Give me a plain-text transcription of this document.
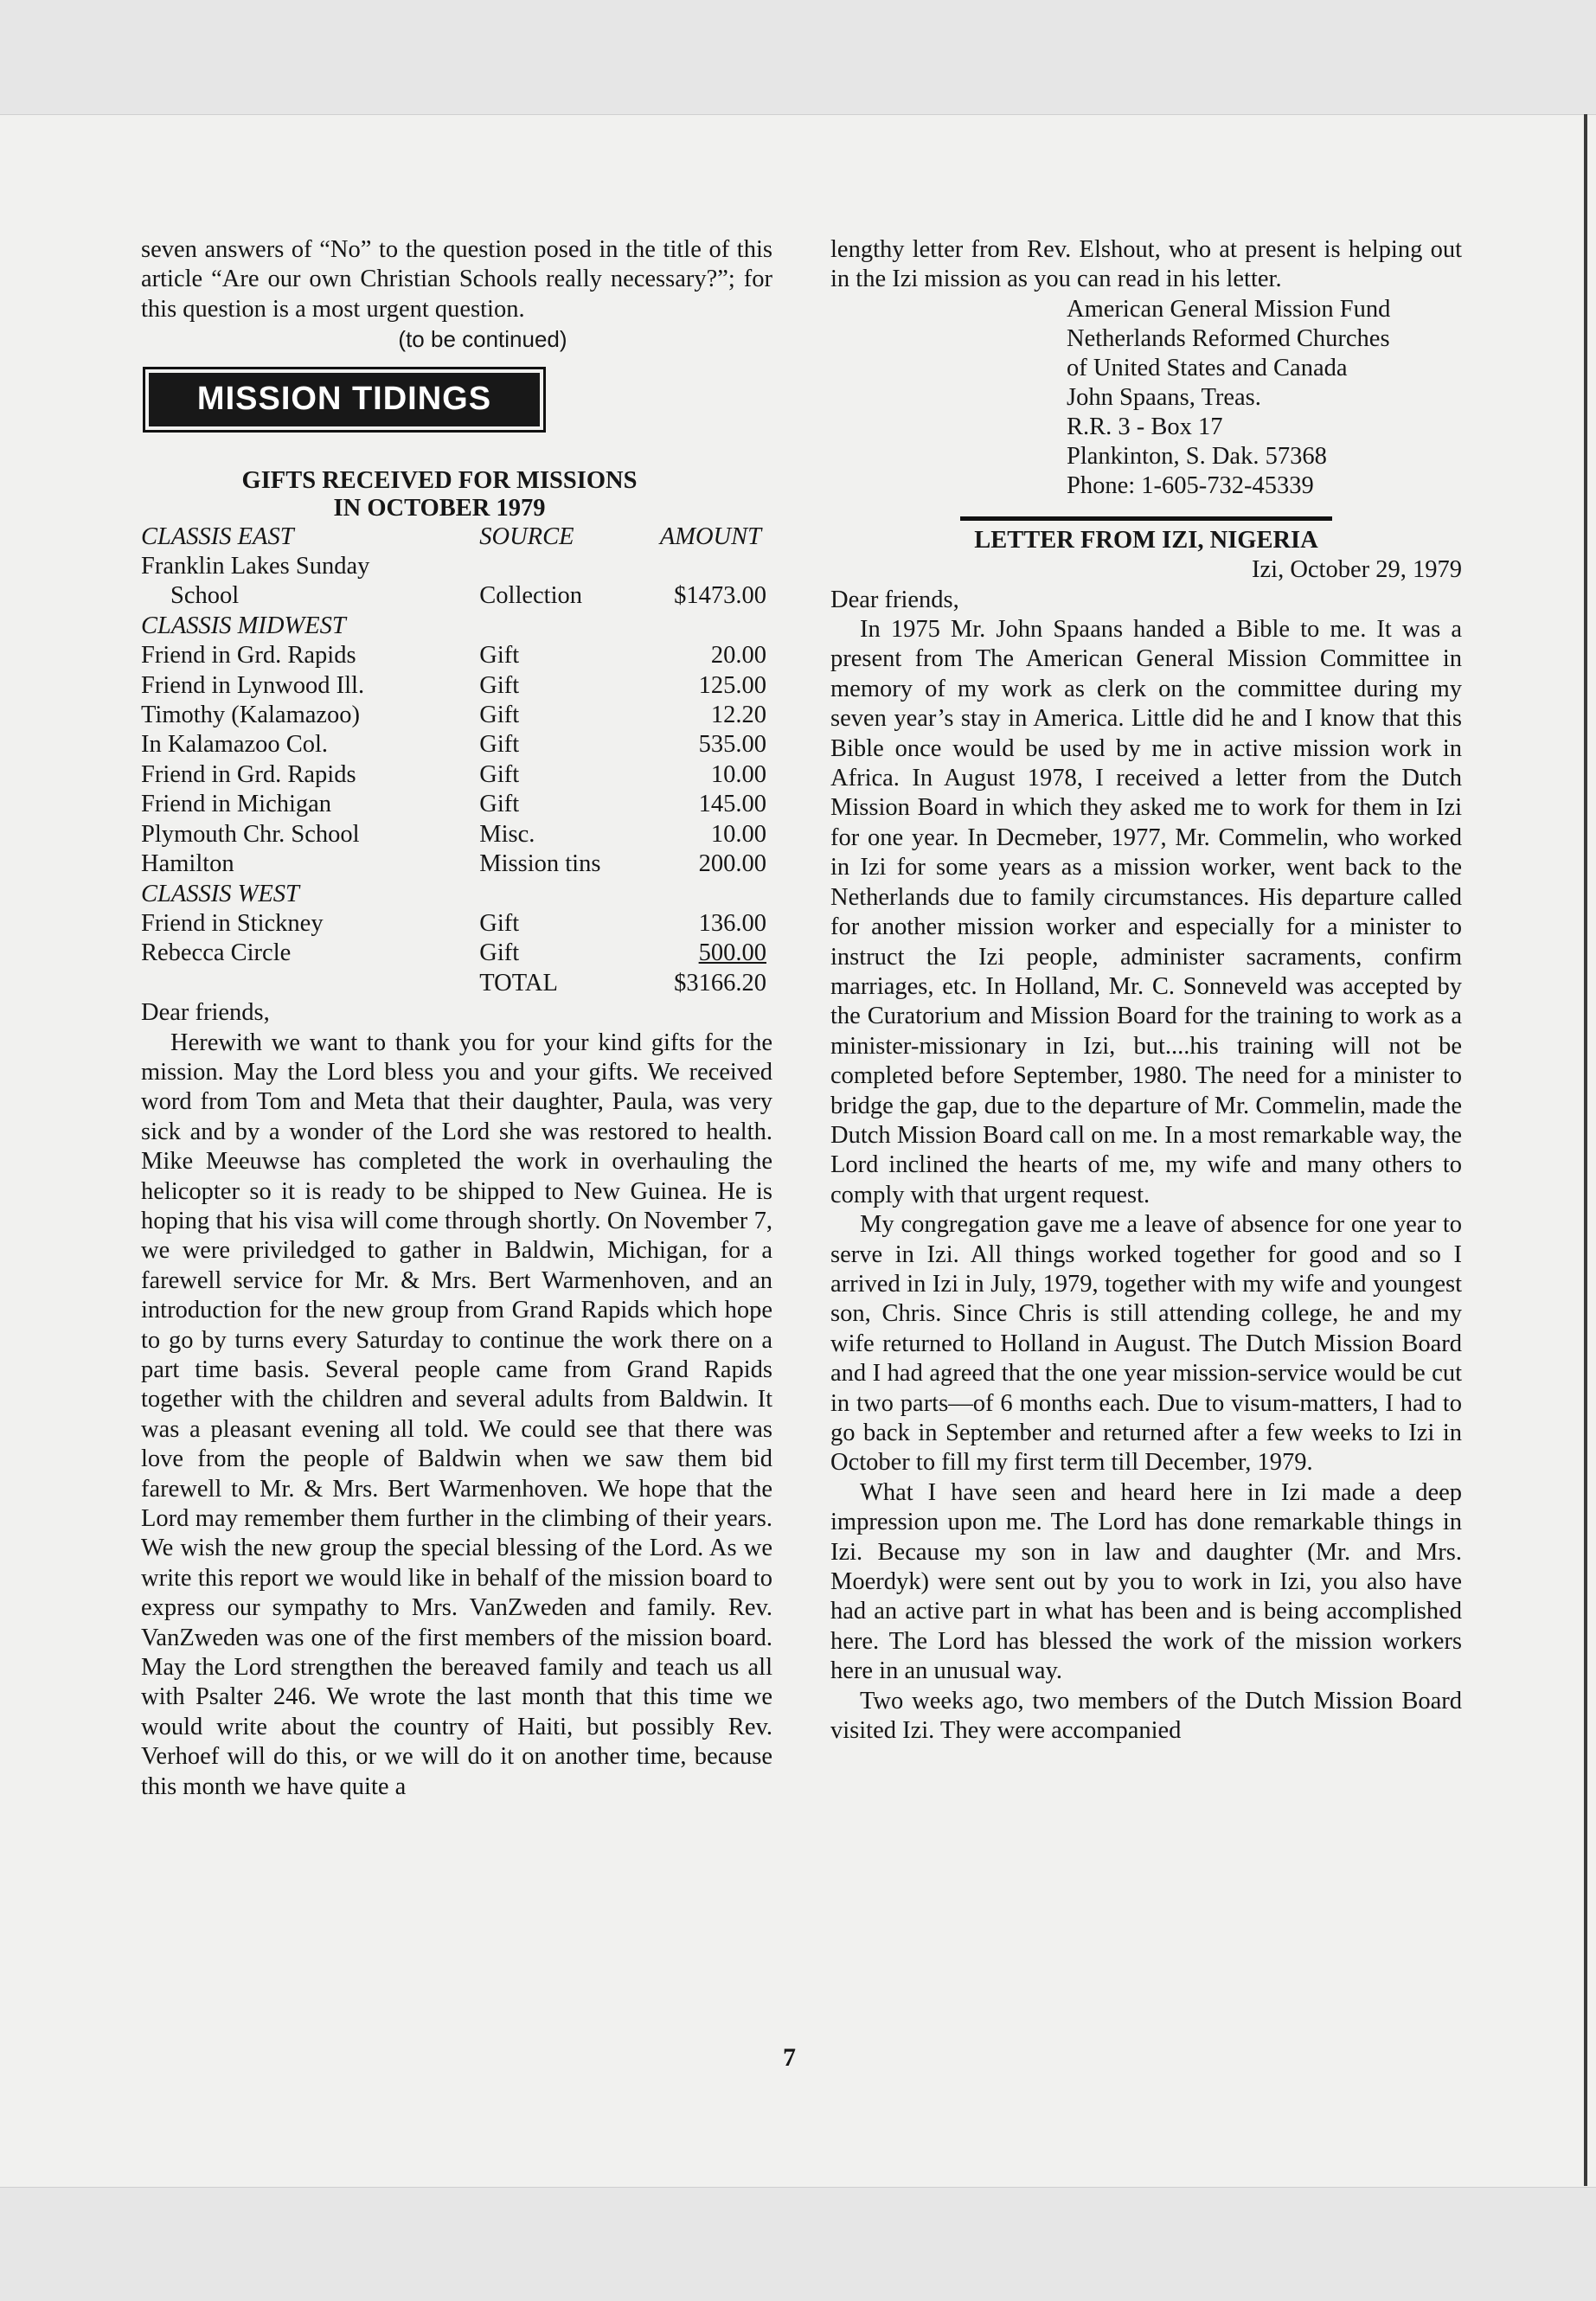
seven answers of “No” to the question posed in the title of this article “Are our own Christian Schools really necessary?”; for this question is a most urgent question.

(to be continued)

MISSION TIDINGS
GIFTS RECEIVED FOR MISSIONS
IN OCTOBER 1979
CLASSIS EAST	SOURCE	AMOUNT
Franklin Lakes Sunday		
School	Collection	$1473.00
CLASSIS MIDWEST		
Friend in Grd. Rapids	Gift	20.00
Friend in Lynwood Ill.	Gift	125.00
Timothy (Kalamazoo)	Gift	12.20
In Kalamazoo Col.	Gift	535.00
Friend in Grd. Rapids	Gift	10.00
Friend in Michigan	Gift	145.00
Plymouth Chr. School	Misc.	10.00
Hamilton	Mission tins	200.00
CLASSIS WEST		
Friend in Stickney	Gift	136.00
Rebecca Circle	Gift	500.00
	TOTAL	$3166.20

Dear friends,

Herewith we want to thank you for your kind gifts for the mission. May the Lord bless you and your gifts. We received word from Tom and Meta that their daughter, Paula, was very sick and by a wonder of the Lord she was restored to health. Mike Meeuwse has completed the work in overhauling the helicopter so it is ready to be shipped to New Guinea. He is hoping that his visa will come through shortly. On November 7, we were priviledged to gather in Baldwin, Michigan, for a farewell service for Mr. & Mrs. Bert Warmenhoven, and an introduction for the new group from Grand Rapids which hope to go by turns every Saturday to continue the work there on a part time basis. Several people came from Grand Rapids together with the children and several adults from Baldwin. It was a pleasant evening all told. We could see that there was love from the people of Baldwin when we saw them bid farewell to Mr. & Mrs. Bert Warmenhoven. We hope that the Lord may remember them further in the climbing of their years. We wish the new group the special blessing of the Lord. As we write this report we would like in behalf of the mission board to express our sympathy to Mrs. VanZweden and family. Rev. VanZweden was one of the first members of the mission board. May the Lord strengthen the bereaved family and teach us all with Psalter 246. We wrote the last month that this time we would write about the country of Haiti, but possibly Rev. Verhoef will do this, or we will do it on another time, because this month we have quite a

lengthy letter from Rev. Elshout, who at present is helping out in the Izi mission as you can read in his letter.

American General Mission Fund
Netherlands Reformed Churches
of United States and Canada
John Spaans, Treas.
R.R. 3 - Box 17
Plankinton, S. Dak. 57368
Phone: 1-605-732-45339

LETTER FROM IZI, NIGERIA

Izi, October 29, 1979

Dear friends,

In 1975 Mr. John Spaans handed a Bible to me. It was a present from The American General Mission Committee in memory of my work as clerk on the committee during my seven year’s stay in America. Little did he and I know that this Bible once would be used by me in active mission work in Africa. In August 1978, I received a letter from the Dutch Mission Board in which they asked me to work for them in Izi for one year. In Decmeber, 1977, Mr. Commelin, who worked in Izi for some years as a mission worker, went back to the Netherlands due to family circumstances. His departure called for another mission worker and especially for a minister to instruct the Izi people, administer sacraments, confirm marriages, etc. In Holland, Mr. C. Sonneveld was accepted by the Curatorium and Mission Board for the training to work as a minister-missionary in Izi, but....his training will not be completed before September, 1980. The need for a minister to bridge the gap, due to the departure of Mr. Commelin, made the Dutch Mission Board call on me. In a most remarkable way, the Lord inclined the hearts of me, my wife and many others to comply with that urgent request.

My congregation gave me a leave of absence for one year to serve in Izi. All things worked together for good and so I arrived in Izi in July, 1979, together with my wife and youngest son, Chris. Since Chris is still attending college, he and my wife returned to Holland in August. The Dutch Mission Board and I had agreed that the one year mission-service would be cut in two parts—of 6 months each. Due to visum-matters, I had to go back in September and returned after a few weeks to Izi in October to fill my first term till December, 1979.

What I have seen and heard here in Izi made a deep impression upon me. The Lord has done remarkable things in Izi. Because my son in law and daughter (Mr. and Mrs. Moerdyk) were sent out by you to work in Izi, you also have had an active part in what has been and is being accomplished here. The Lord has blessed the work of the mission workers here in an unusual way.

Two weeks ago, two members of the Dutch Mission Board visited Izi. They were accompanied

7
